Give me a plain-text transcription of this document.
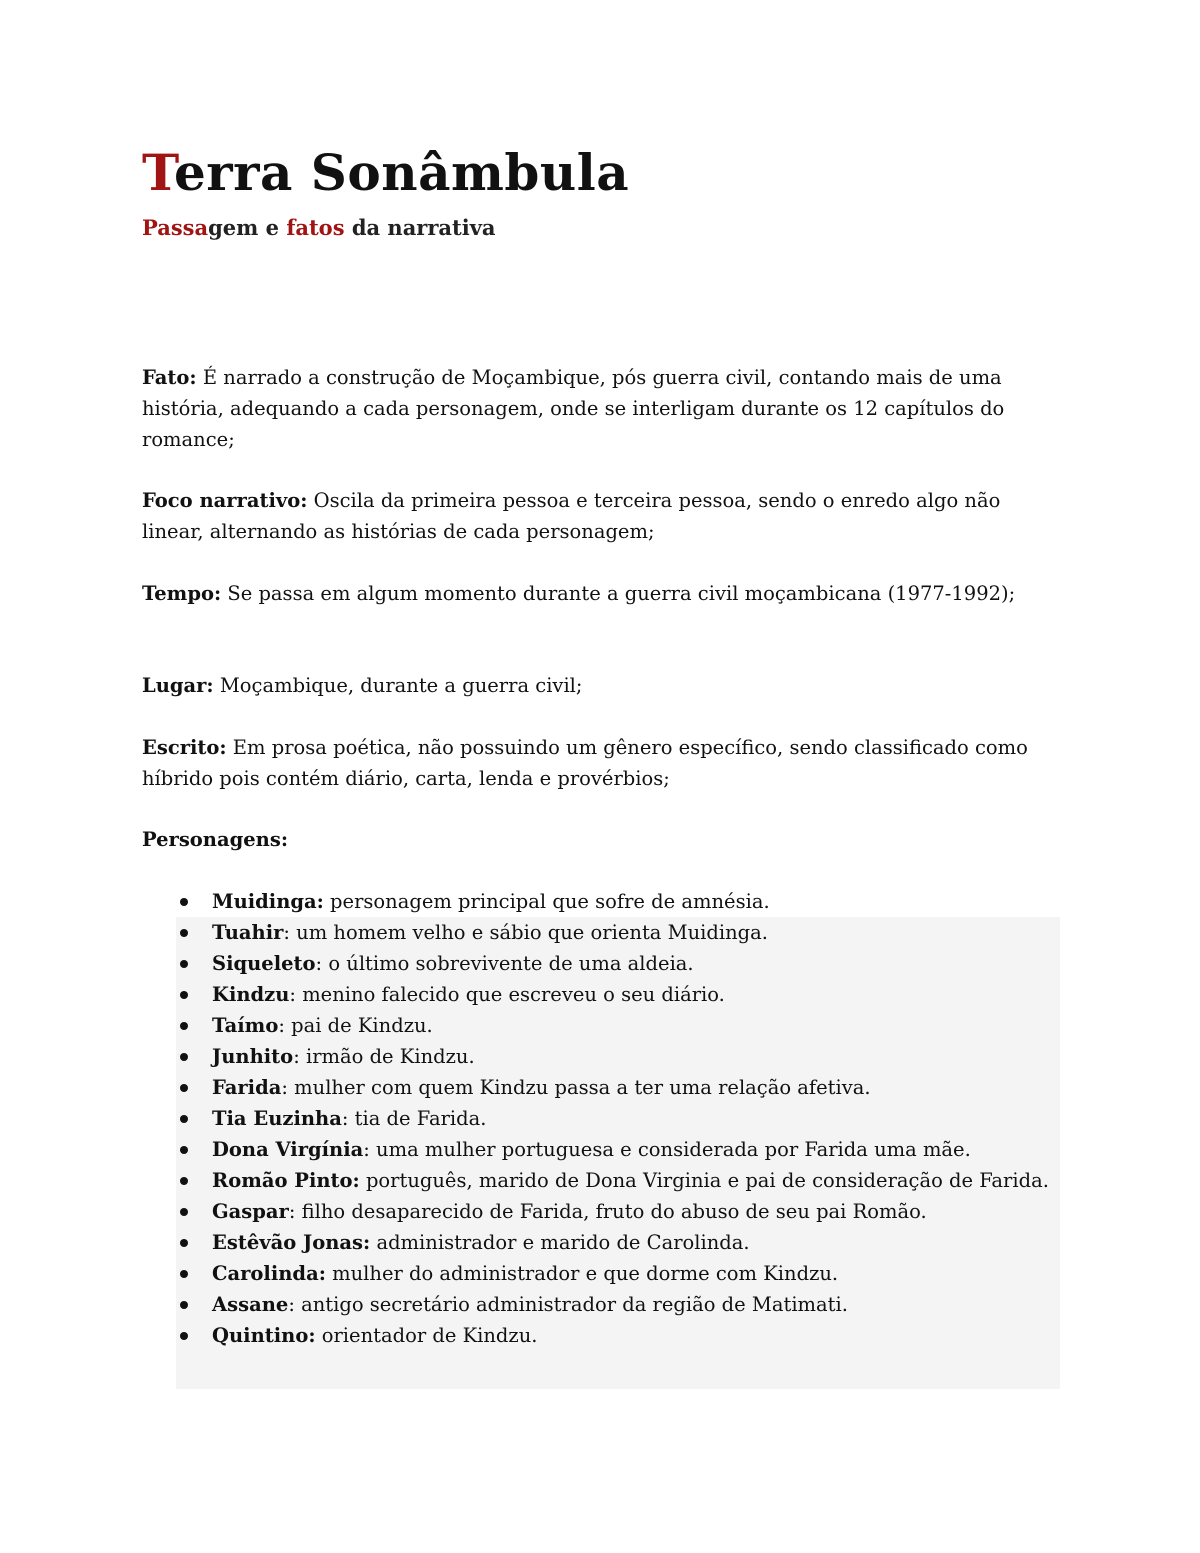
Terra Sonâmbula
Passagem e fatos da narrativa

Fato: É narrado a construção de Moçambique, pós guerra civil, contando mais de uma história, adequando a cada personagem, onde se interligam durante os 12 capítulos do romance;

Foco narrativo: Oscila da primeira pessoa e terceira pessoa, sendo o enredo algo não linear, alternando as histórias de cada personagem;

Tempo: Se passa em algum momento durante a guerra civil moçambicana (1977-1992);

Lugar: Moçambique, durante a guerra civil;

Escrito: Em prosa poética, não possuindo um gênero específico, sendo classificado como híbrido pois contém diário, carta, lenda e provérbios;

Personagens:

Muidinga: personagem principal que sofre de amnésia.
Tuahir: um homem velho e sábio que orienta Muidinga.
Siqueleto: o último sobrevivente de uma aldeia.
Kindzu: menino falecido que escreveu o seu diário.
Taímo: pai de Kindzu.
Junhito: irmão de Kindzu.
Farida: mulher com quem Kindzu passa a ter uma relação afetiva.
Tia Euzinha: tia de Farida.
Dona Virgínia: uma mulher portuguesa e considerada por Farida uma mãe.
Romão Pinto: português, marido de Dona Virginia e pai de consideração de Farida.
Gaspar: filho desaparecido de Farida, fruto do abuso de seu pai Romão.
Estêvão Jonas: administrador e marido de Carolinda.
Carolinda: mulher do administrador e que dorme com Kindzu.
Assane: antigo secretário administrador da região de Matimati.
Quintino: orientador de Kindzu.
